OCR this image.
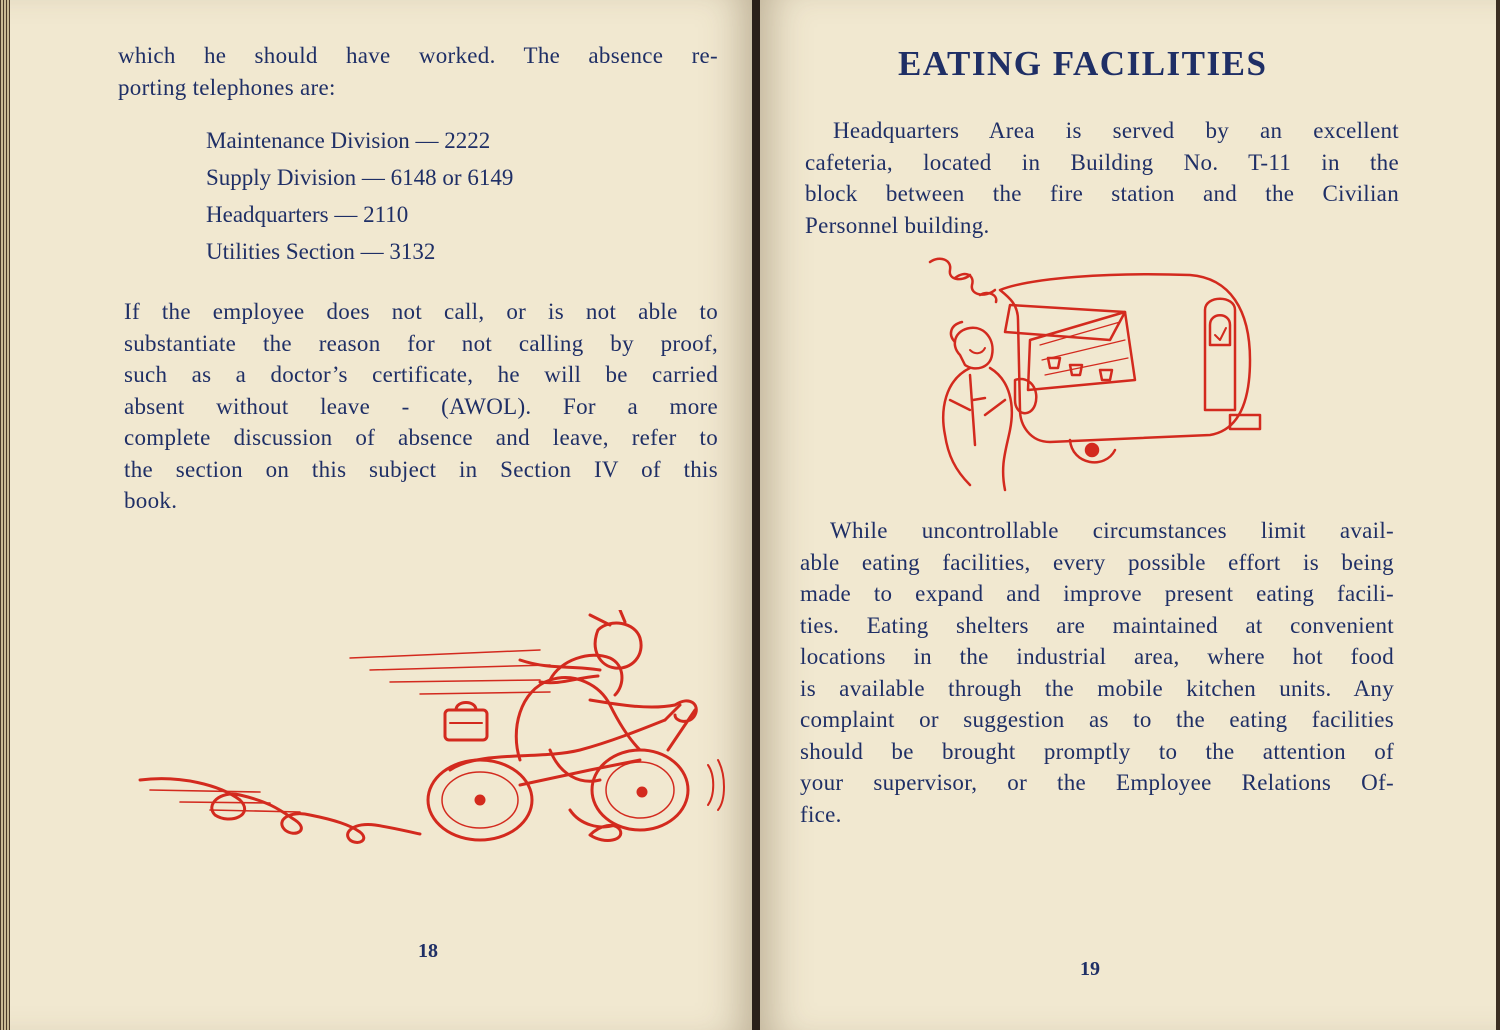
which he should have worked. The absence re-
porting telephones are:
Maintenance Division — 2222
Supply Division — 6148 or 6149
Headquarters — 2110
Utilities Section — 3132
If the employee does not call, or is not able to
substantiate the reason for not calling by proof,
such as a doctor’s certificate, he will be carried
absent without leave - (AWOL). For a more
complete discussion of absence and leave, refer to
the section on this subject in Section IV of this
book.
18
EATING FACILITIES
Headquarters Area is served by an excellent
cafeteria, located in Building No. T-11 in the
block between the fire station and the Civilian
Personnel building.
While uncontrollable circumstances limit avail-
able eating facilities, every possible effort is being
made to expand and improve present eating facili-
ties. Eating shelters are maintained at convenient
locations in the industrial area, where hot food
is available through the mobile kitchen units. Any
complaint or suggestion as to the eating facilities
should be brought promptly to the attention of
your supervisor, or the Employee Relations Of-
fice.
19
